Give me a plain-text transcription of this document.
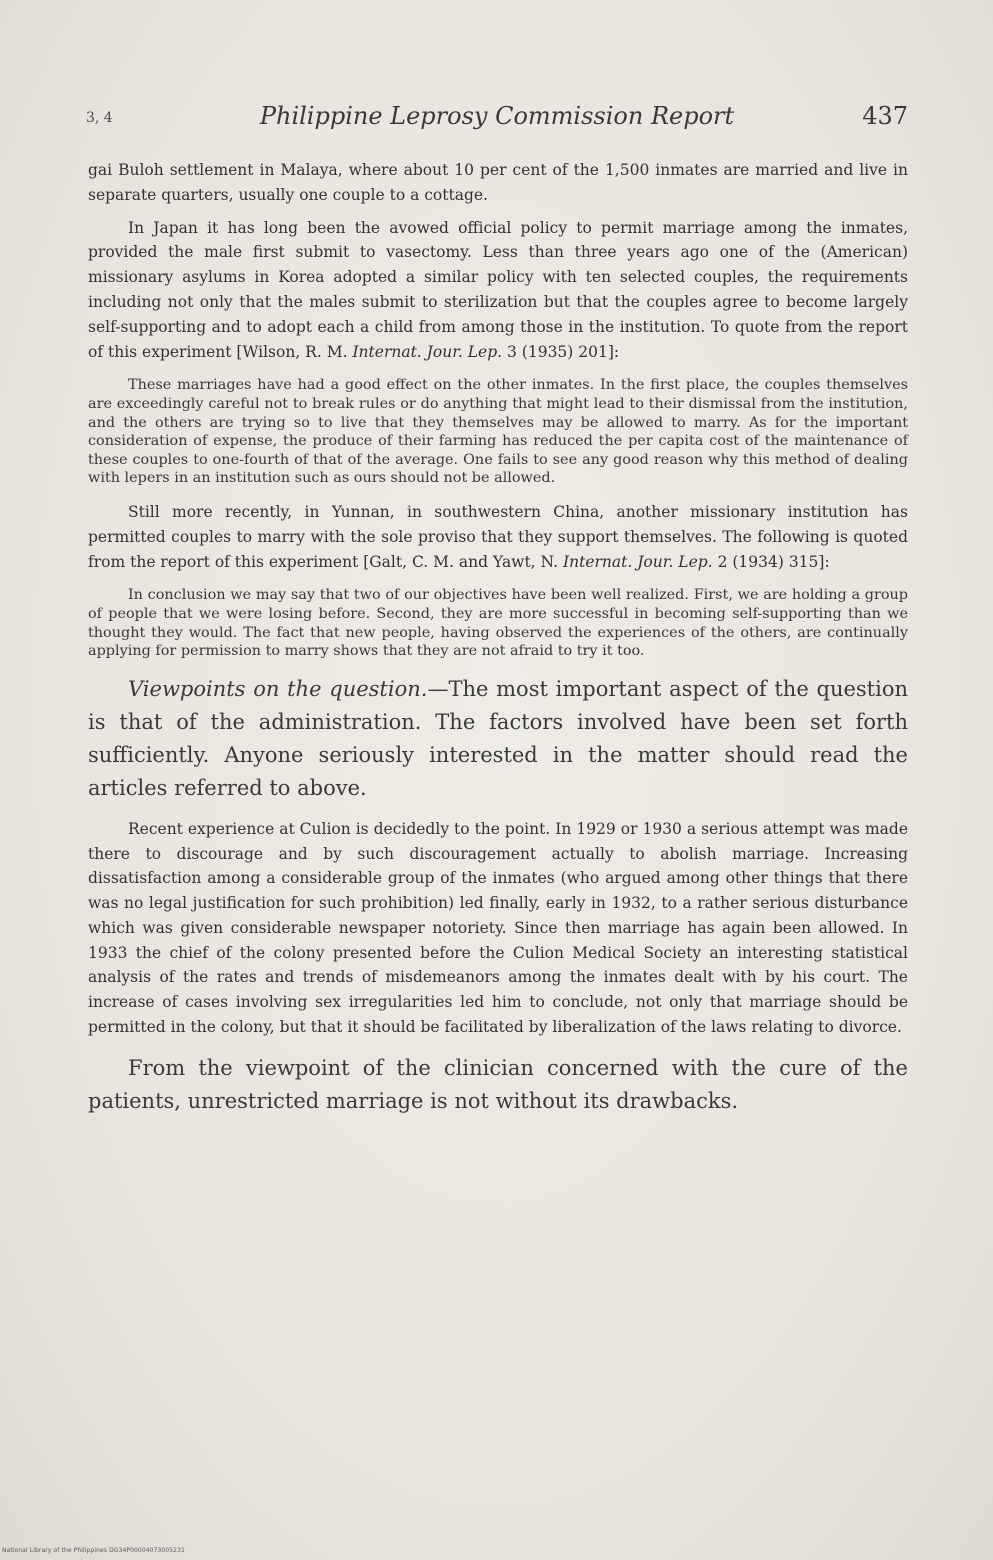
3, 4	Philippine Leprosy Commission Report	437

gai Buloh settlement in Malaya, where about 10 per cent of the 1,500 inmates are married and live in separate quarters, usually one couple to a cottage.

In Japan it has long been the avowed official policy to permit marriage among the inmates, provided the male first submit to vasectomy. Less than three years ago one of the (American) missionary asylums in Korea adopted a similar policy with ten selected couples, the requirements including not only that the males submit to sterilization but that the couples agree to become largely self-supporting and to adopt each a child from among those in the institution. To quote from the report of this experiment [Wilson, R. M. Internat. Jour. Lep. 3 (1935) 201]:

These marriages have had a good effect on the other inmates. In the first place, the couples themselves are exceedingly careful not to break rules or do anything that might lead to their dismissal from the institution, and the others are trying so to live that they themselves may be allowed to marry. As for the important consideration of expense, the produce of their farming has reduced the per capita cost of the maintenance of these couples to one-fourth of that of the average. One fails to see any good reason why this method of dealing with lepers in an institution such as ours should not be allowed.

Still more recently, in Yunnan, in southwestern China, another missionary institution has permitted couples to marry with the sole proviso that they support themselves. The following is quoted from the report of this experiment [Galt, C. M. and Yawt, N. Internat. Jour. Lep. 2 (1934) 315]:

In conclusion we may say that two of our objectives have been well realized. First, we are holding a group of people that we were losing before. Second, they are more successful in becoming self-supporting than we thought they would. The fact that new people, having observed the experiences of the others, are continually applying for permission to marry shows that they are not afraid to try it too.

Viewpoints on the question.—The most important aspect of the question is that of the administration. The factors involved have been set forth sufficiently. Anyone seriously interested in the matter should read the articles referred to above.

Recent experience at Culion is decidedly to the point. In 1929 or 1930 a serious attempt was made there to discourage and by such discouragement actually to abolish marriage. Increasing dissatisfaction among a considerable group of the inmates (who argued among other things that there was no legal justification for such prohibition) led finally, early in 1932, to a rather serious disturbance which was given considerable newspaper notoriety. Since then marriage has again been allowed. In 1933 the chief of the colony presented before the Culion Medical Society an interesting statistical analysis of the rates and trends of misdemeanors among the inmates dealt with by his court. The increase of cases involving sex irregularities led him to conclude, not only that marriage should be permitted in the colony, but that it should be facilitated by liberalization of the laws relating to divorce.

From the viewpoint of the clinician concerned with the cure of the patients, unrestricted marriage is not without its drawbacks.

National Library of the Philippines DG34P00004073005231
